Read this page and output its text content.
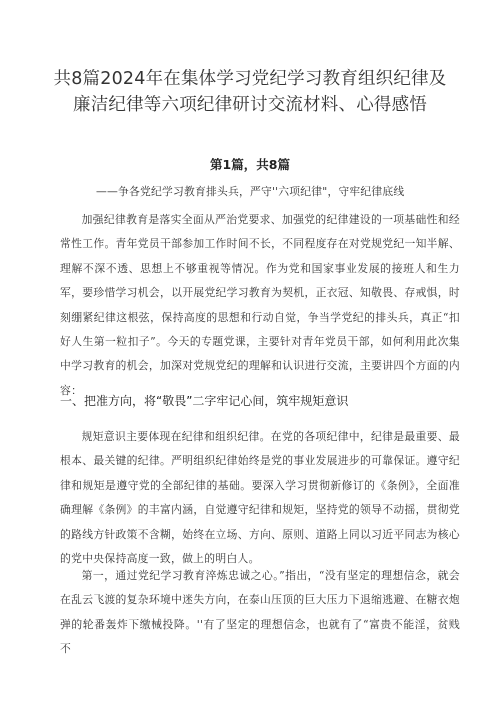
共8篇2024年在集体学习党纪学习教育组织纪律及
廉洁纪律等六项纪律研讨交流材料、心得感悟
第1篇，共8篇
——争各党纪学习教育排头兵，严守''六项纪律"，守牢纪律底线
加强纪律教育是落实全面从严治党要求、加强党的纪律建设的一项基础性和经常性工作。青年党员干部参加工作时间不长，不同程度存在对党规党纪一知半解、理解不深不透、思想上不够重视等情况。作为党和国家事业发展的接班人和生力军，要珍惜学习机会，以开展党纪学习教育为契机，正衣冠、知敬畏、存戒惧，时刻绷紧纪律这根弦，保持高度的思想和行动自觉，争当学党纪的排头兵，真正“扣好人生第一粒扣子”。今天的专题党课，主要针对青年党员干部，如何利用此次集中学习教育的机会，加深对党规党纪的理解和认识进行交流，主要讲四个方面的内容：
一、把准方向，将“敬畏”二字牢记心间，筑牢规矩意识
规矩意识主要体现在纪律和组织纪律。在党的各项纪律中，纪律是最重要、最根本、最关键的纪律。严明组织纪律始终是党的事业发展进步的可靠保证。遵守纪律和规矩是遵守党的全部纪律的基础。要深入学习贯彻新修订的《条例》，全面准确理解《条例》的丰富内涵，自觉遵守纪律和规矩，坚持党的领导不动摇，贯彻党的路线方针政策不含糊，始终在立场、方向、原则、道路上同以习近平同志为核心的党中央保持高度一致，做上的明白人。
第一，通过党纪学习教育淬炼忠诚之心。”指出，“没有坚定的理想信念，就会在乱云飞渡的复杂环境中迷失方向，在泰山压顶的巨大压力下退缩逃避、在糖衣炮弹的轮番轰炸下缴械投降。''有了坚定的理想信念，也就有了“富贵不能淫，贫贱不
